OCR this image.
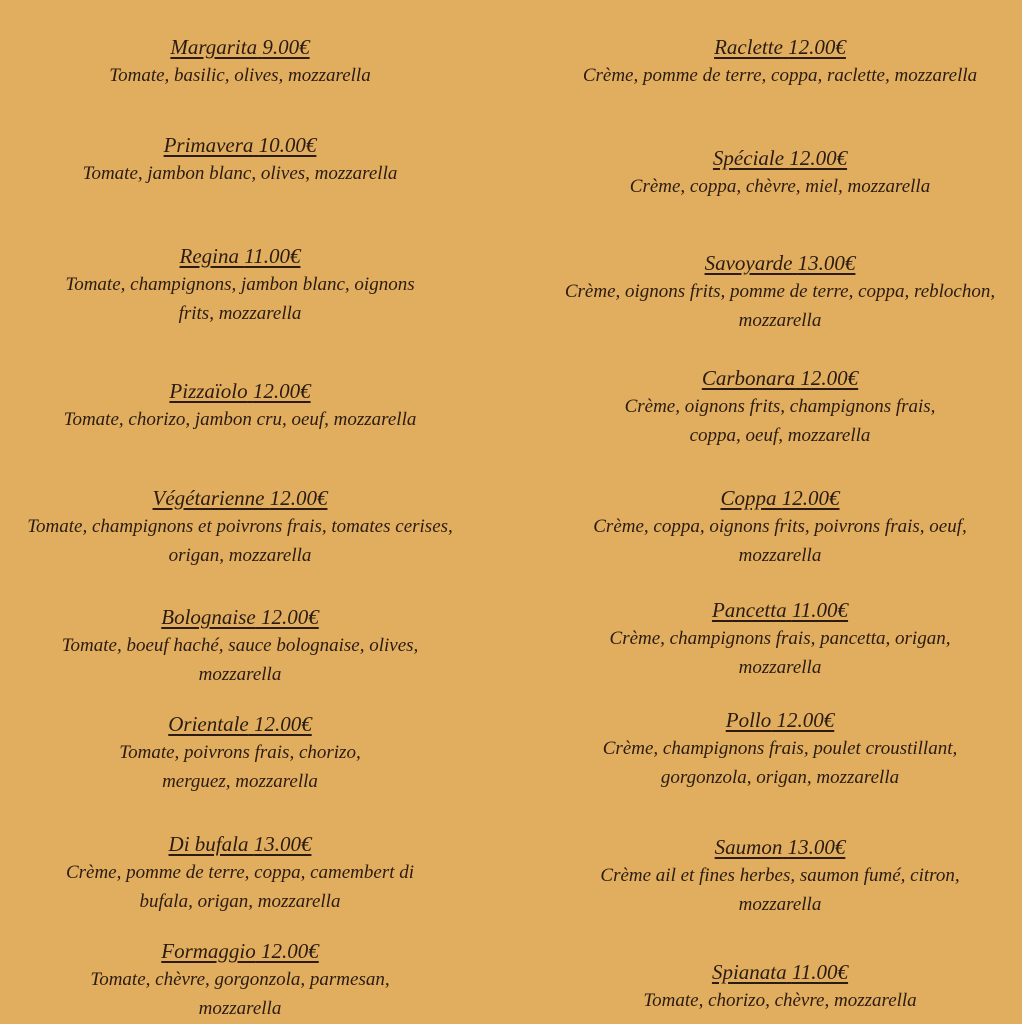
Margarita 9.00€
Tomate, basilic, olives, mozzarella
Primavera 10.00€
Tomate, jambon blanc, olives, mozzarella
Regina 11.00€
Tomate, champignons, jambon blanc, oignons
frits, mozzarella
Pizzaïolo 12.00€
Tomate, chorizo, jambon cru, oeuf, mozzarella
Végétarienne 12.00€
Tomate, champignons et poivrons frais, tomates cerises,
origan, mozzarella
Bolognaise 12.00€
Tomate, boeuf haché, sauce bolognaise, olives,
mozzarella
Orientale 12.00€
Tomate, poivrons frais, chorizo,
merguez, mozzarella
Di bufala 13.00€
Crème, pomme de terre, coppa, camembert di
bufala, origan, mozzarella
Formaggio 12.00€
Tomate, chèvre, gorgonzola, parmesan,
mozzarella
Raclette 12.00€
Crème, pomme de terre, coppa, raclette, mozzarella
Spéciale 12.00€
Crème, coppa, chèvre, miel, mozzarella
Savoyarde 13.00€
Crème, oignons frits, pomme de terre, coppa, reblochon,
mozzarella
Carbonara 12.00€
Crème, oignons frits, champignons frais,
coppa, oeuf, mozzarella
Coppa 12.00€
Crème, coppa, oignons frits, poivrons frais, oeuf,
mozzarella
Pancetta 11.00€
Crème, champignons frais, pancetta, origan,
mozzarella
Pollo 12.00€
Crème, champignons frais, poulet croustillant,
gorgonzola, origan, mozzarella
Saumon 13.00€
Crème ail et fines herbes, saumon fumé, citron,
mozzarella
Spianata 11.00€
Tomate, chorizo, chèvre, mozzarella
